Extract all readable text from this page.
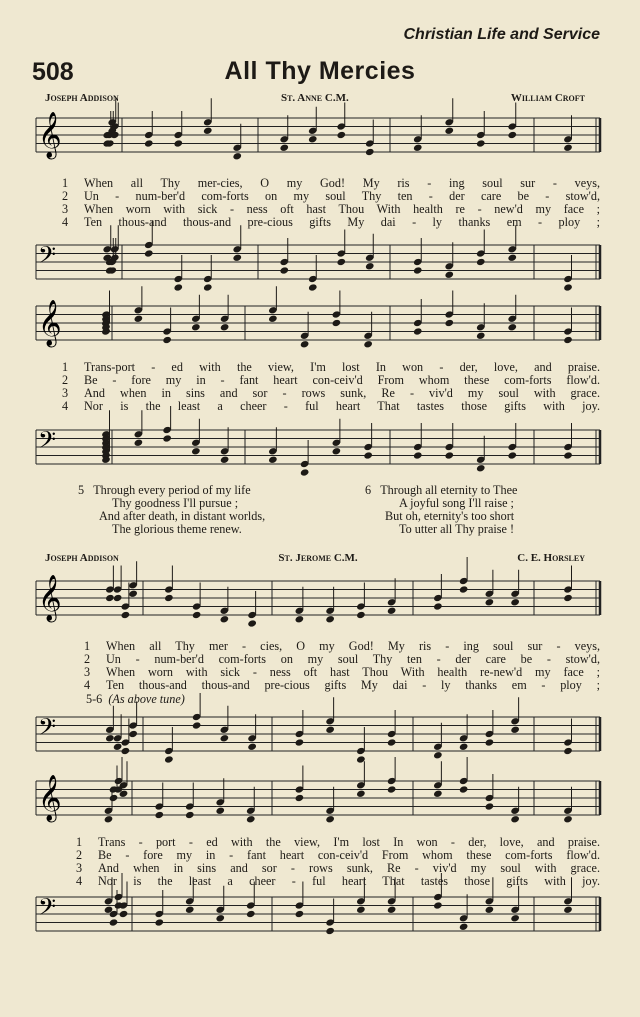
Christian Life and Service
508	All Thy Mercies
Joseph Addison	St. Anne C.M.	William Croft
𝄞
𝄢
𝄞
𝄢
𝄞
𝄢
𝄞
𝄢
1	When all Thy mer-cies, O my God! My ris - ing soul sur - veys,
2	Un - num-ber'd com-forts on my soul Thy ten - der care be - stow'd,
3	When worn with sick - ness oft hast Thou With health re - new'd my face ;
4	Ten thous-and thous-and pre-cious gifts My dai - ly thanks em - ploy ;
1	Trans-port - ed with the view, I'm lost In won - der, love, and praise.
2	Be - fore my in - fant heart con-ceiv'd From whom these com-forts flow'd.
3	And when in sins and sor - rows sunk, Re - viv'd my soul with grace.
4	Nor is the least a cheer - ful heart That tastes those gifts with joy.
5 Through every period of my life
Thy goodness I'll pursue ;
And after death, in distant worlds,
The glorious theme renew.
6 Through all eternity to Thee
A joyful song I'll raise ;
But oh, eternity's too short
To utter all Thy praise !
Joseph Addison	St. Jerome C.M.	C. E. Horsley
1	When all Thy mer - cies, O my God! My ris - ing soul sur - veys,
2	Un - num-ber'd com-forts on my soul Thy ten - der care be - stow'd,
3	When worn with sick - ness oft hast Thou With health re-new'd my face ;
4	Ten thous-and thous-and pre-cious gifts My dai - ly thanks em - ploy ;
5-6 (As above tune)
1	Trans - port - ed with the view, I'm lost In won - der, love, and praise.
2	Be - fore my in - fant heart con-ceiv'd From whom these com-forts flow'd.
3	And when in sins and sor - rows sunk, Re - viv'd my soul with grace.
4	Nor is the least a cheer - ful heart That tastes those gifts with joy.
